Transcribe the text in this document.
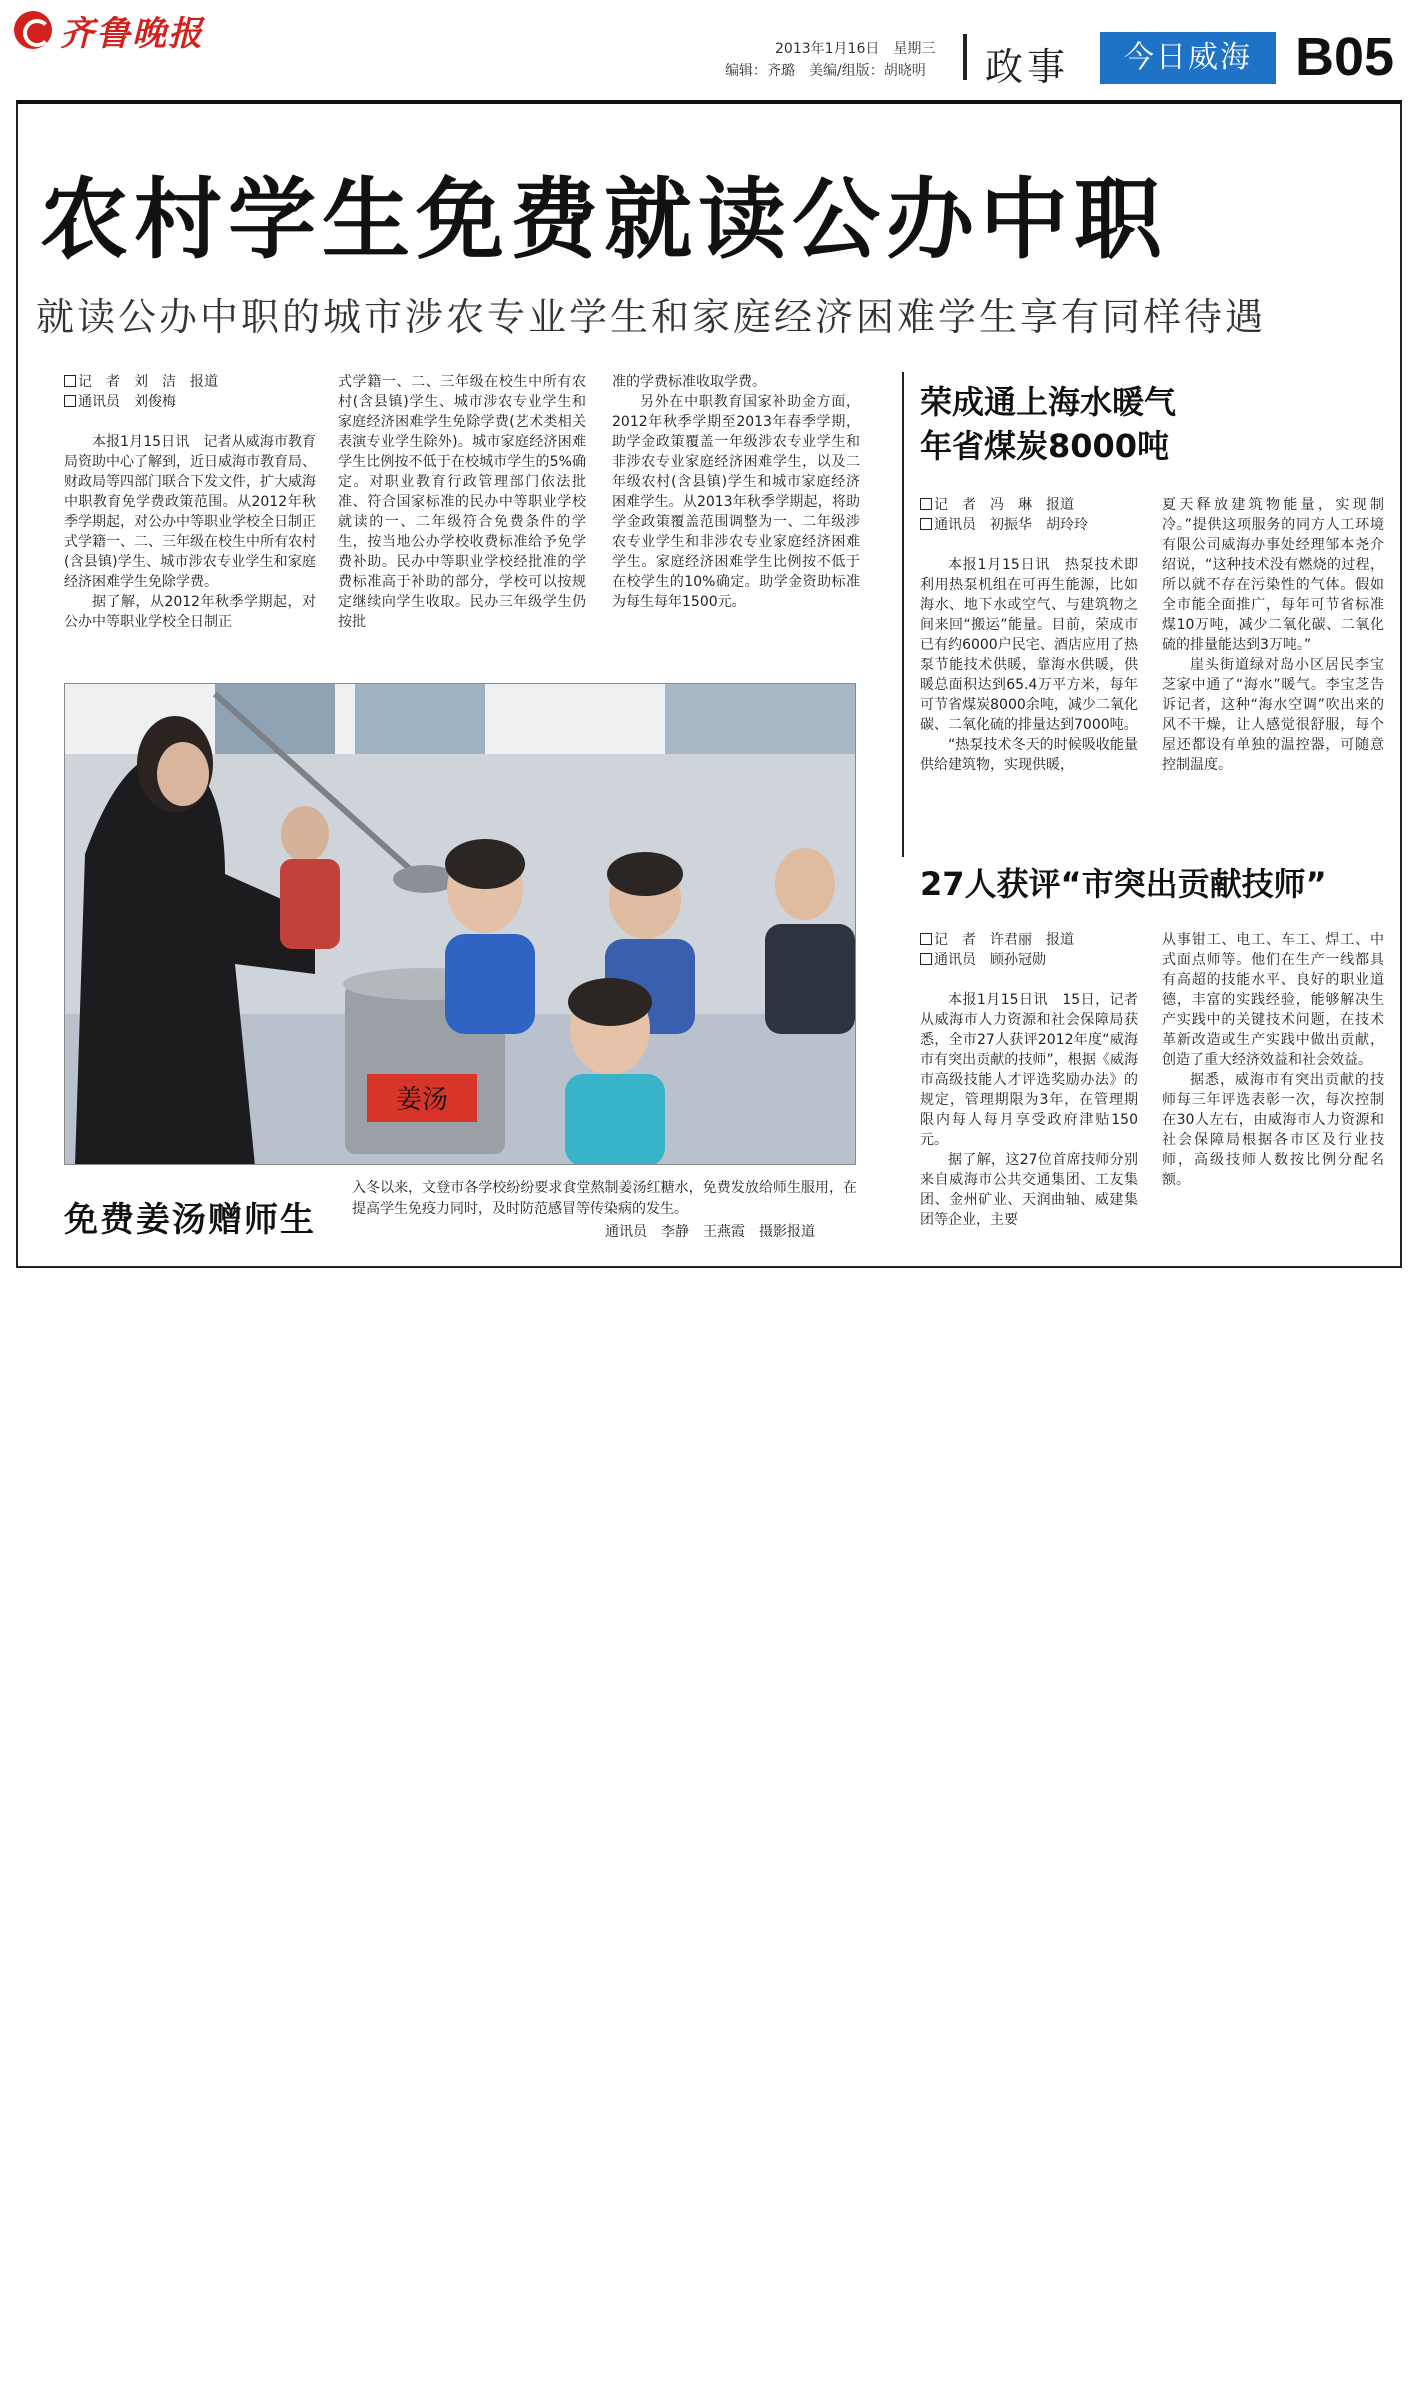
齐鲁晚报	2013年1月16日　星期三
编辑：齐璐　美编/组版：胡晓明 政事	今日威海 B05
农村学生免费就读公办中职
就读公办中职的城市涉农专业学生和家庭经济困难学生享有同样待遇
记　者　刘　洁　报道
通讯员　刘俊梅

本报1月15日讯　记者从威海市教育局资助中心了解到，近日威海市教育局、财政局等四部门联合下发文件，扩大威海中职教育免学费政策范围。从2012年秋季学期起，对公办中等职业学校全日制正式学籍一、二、三年级在校生中所有农村(含县镇)学生、城市涉农专业学生和家庭经济困难学生免除学费。

据了解，从2012年秋季学期起，对公办中等职业学校全日制正

式学籍一、二、三年级在校生中所有农村(含县镇)学生、城市涉农专业学生和家庭经济困难学生免除学费(艺术类相关表演专业学生除外)。城市家庭经济困难学生比例按不低于在校城市学生的5%确定。对职业教育行政管理部门依法批准、符合国家标准的民办中等职业学校就读的一、二年级符合免费条件的学生，按当地公办学校收费标准给予免学费补助。民办中等职业学校经批准的学费标准高于补助的部分，学校可以按规定继续向学生收取。民办三年级学生仍按批

准的学费标准收取学费。

另外在中职教育国家补助金方面，2012年秋季学期至2013年春季学期，助学金政策覆盖一年级涉农专业学生和非涉农专业家庭经济困难学生，以及二年级农村(含县镇)学生和城市家庭经济困难学生。从2013年秋季学期起，将助学金政策覆盖范围调整为一、二年级涉农专业学生和非涉农专业家庭经济困难学生。家庭经济困难学生比例按不低于在校学生的10%确定。助学金资助标准为每生每年1500元。

姜汤
免费姜汤赠师生

入冬以来，文登市各学校纷纷要求食堂熬制姜汤红糖水，免费发放给师生服用，在提高学生免疫力同时，及时防范感冒等传染病的发生。

通讯员　李静　王燕霞　摄影报道
荣成通上海水暖气
年省煤炭8000吨
记　者　冯　琳　报道
通讯员　初振华　胡玲玲

本报1月15日讯　热泵技术即利用热泵机组在可再生能源，比如海水、地下水或空气、与建筑物之间来回“搬运”能量。目前，荣成市已有约6000户民宅、酒店应用了热泵节能技术供暖，靠海水供暖，供暖总面积达到65.4万平方米，每年可节省煤炭8000余吨，减少二氧化碳、二氧化硫的排量达到7000吨。

“热泵技术冬天的时候吸收能量供给建筑物，实现供暖，

夏天释放建筑物能量，实现制冷。”提供这项服务的同方人工环境有限公司威海办事处经理邹本尧介绍说，“这种技术没有燃烧的过程，所以就不存在污染性的气体。假如全市能全面推广，每年可节省标准煤10万吨，减少二氧化碳、二氧化硫的排量能达到3万吨。”

崖头街道绿对岛小区居民李宝芝家中通了“海水”暖气。李宝芝告诉记者，这种“海水空调”吹出来的风不干燥，让人感觉很舒服，每个屋还都设有单独的温控器，可随意控制温度。

27人获评“市突出贡献技师”
记　者　许君丽　报道
通讯员　顾孙冠勋

本报1月15日讯　15日，记者从威海市人力资源和社会保障局获悉，全市27人获评2012年度“威海市有突出贡献的技师”，根据《威海市高级技能人才评选奖励办法》的规定，管理期限为3年，在管理期限内每人每月享受政府津贴150元。

据了解，这27位首席技师分别来自威海市公共交通集团、工友集团、金州矿业、天润曲轴、威建集团等企业，主要

从事钳工、电工、车工、焊工、中式面点师等。他们在生产一线都具有高超的技能水平、良好的职业道德，丰富的实践经验，能够解决生产实践中的关键技术问题，在技术革新改造或生产实践中做出贡献，创造了重大经济效益和社会效益。

据悉，威海市有突出贡献的技师每三年评选表彰一次，每次控制在30人左右，由威海市人力资源和社会保障局根据各市区及行业技师，高级技师人数按比例分配名额。
